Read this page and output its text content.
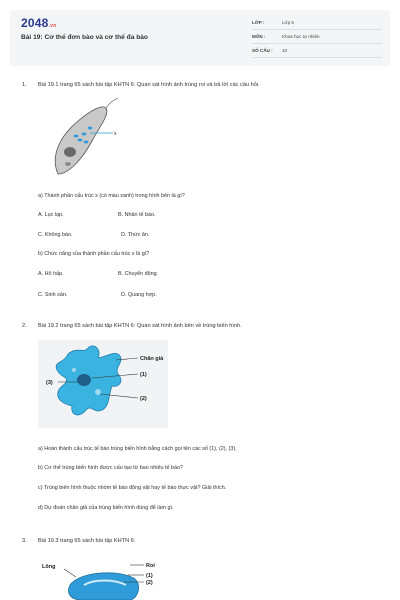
2048.vn
Bài 19: Cơ thể đơn bào và cơ thể đa bào
LỚP :	Lớp 6
MÔN :	Khoa học tự nhiên
SỐ CÂU :	10
1. Bài 19.1 trang 65 sách bài tập KHTN 6: Quan sát hình ảnh trùng roi và trả lời các câu hỏi.
x
a) Thành phần cấu trúc x (có màu xanh) trong hình bên là gì?
A. Lục lạp.	B. Nhân tế bào.
C. Không bào.	D. Thức ăn.
b) Chức năng của thành phần cấu trúc x là gì?
A. Hô hấp.	B. Chuyển động.
C. Sinh sản.	D. Quang hợp.
2. Bài 19.2 trang 65 sách bài tập KHTN 6: Quan sát hình ảnh bên về trùng biến hình.
Chân giả
(1)
(2)
(3)
a) Hoàn thành cấu trúc tế bào trùng biến hình bằng cách gọi tên các số (1), (2), (3).
b) Cơ thể trùng biến hình được cấu tạo từ bao nhiêu tế bào?
c) Trùng biến hình thuộc nhóm tế bào động vật hay tế bào thực vật? Giải thích.
d) Dự đoán chân giả của trùng biến hình dùng để làm gì.
3. Bài 19.3 trang 65 sách bài tập KHTN 6:
Lông	Roi
(1)
(2)
